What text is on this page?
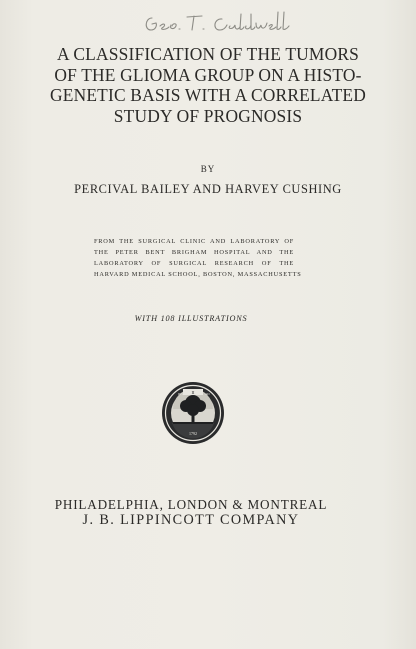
A CLASSIFICATION OF THE TUMORS
OF THE GLIOMA GROUP ON A HISTO-
GENETIC BASIS WITH A CORRELATED
STUDY OF PROGNOSIS
BY
PERCIVAL BAILEY AND HARVEY CUSHING
FROM THE SURGICAL CLINIC AND LABORATORY OF
THE PETER BENT BRIGHAM HOSPITAL AND THE
LABORATORY OF SURGICAL RESEARCH OF THE
HARVARD MEDICAL SCHOOL, BOSTON, MASSACHUSETTS
WITH 108 ILLUSTRATIONS
II
INSTE	AD
1792
PHILADELPHIA, LONDON & MONTREAL
J. B. LIPPINCOTT COMPANY
